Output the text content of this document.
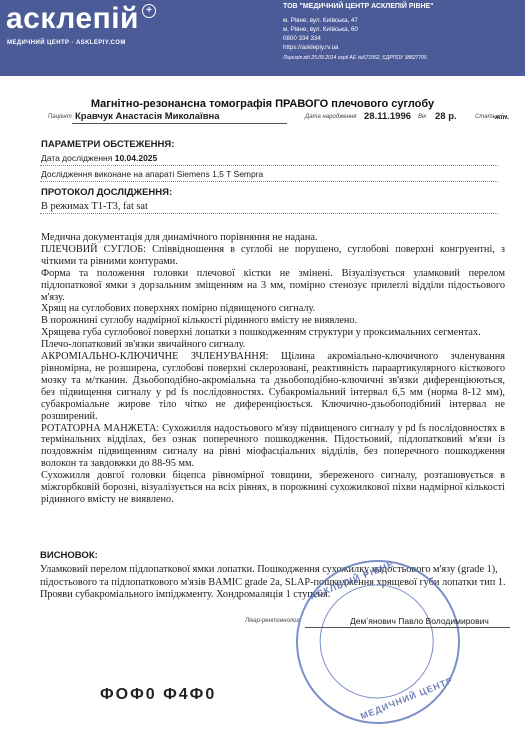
асклепій +
МЕДИЧНИЙ ЦЕНТР · ASKLEPIY.COM
ТОВ "МЕДИЧНИЙ ЦЕНТР АСКЛЕПІЙ РІВНЕ"
м. Рівне, вул. Київська, 47
м. Рівне, вул. Київська, 60
0800 334 334
https://asklepiy.rv.ua
Ліцензія від 25.09.2014 серії АЕ №571062, ЄДРПОУ 38827705
Магнітно-резонансна томографія ПРАВОГО плечового суглобу
Пацієнт Кравчук Анастасія Миколаївна	Дата народження 28.11.1996 Вік 28 р.	Стать жін.
ПАРАМЕТРИ ОБСТЕЖЕННЯ:
Дата дослідження 10.04.2025
Дослідження виконане на апараті Siemens 1,5 T Sempra
ПРОТОКОЛ ДОСЛІДЖЕННЯ:
В режимах T1-T3, fat sat

Медична документація для динамічного порівняння не надана.

ПЛЕЧОВИЙ СУГЛОБ: Співвідношення в суглобі не порушено, суглобові поверхні конгруентні, з чіткими та рівними контурами.

Форма та положення головки плечової кістки не змінені. Візуалізується уламковий перелом підлопаткової ямки з дорзальним зміщенням на 3 мм, помірно стенозує прилеглі відділи підостьового м'язу.

Хрящ на суглобових поверхнях помірно підвищеного сигналу.

В порожнині суглобу надмірної кількості рідинного вмісту не виявлено.

Хрящева губа суглобової поверхні лопатки з пошкодженням структури у проксимальних сегментах.

Плечо-лопатковий зв'язки звичайного сигналу.

АКРОМІАЛЬНО-КЛЮЧИЧНЕ ЗЧЛЕНУВАННЯ: Щілина акроміально-ключичного зчленування рівномірна, не розширена, суглобові поверхні склерозовані, реактивність параартикулярного кісткового мозку та м/тканин. Дзьобоподібно-акроміальна та дзьобоподібно-ключичні зв'язки диференціюються, без підвищення сигналу у pd fs послідовностях. Субакроміальний інтервал 6,5 мм (норма 8-12 мм), субакроміальне жирове тіло чітко не диференціюється. Ключично-дзьобоподібний інтервал не розширений.

РОТАТОРНА МАНЖЕТА: Сухожилля надостьового м'язу підвищеного сигналу у pd fs послідовностях в термінальних відділах, без ознак поперечного пошкодження. Підостьовий, підлопатковий м'язи із поздовжнім підвищенням сигналу на рівні міофасціальних відділів, без поперечного пошкодження волокон та завдовжки до 88-95 мм.

Сухожилля довгої головки біцепса рівномірної товщини, збереженого сигналу, розташовується в міжгорбковій борозні, візуалізується на всіх рівнях, в порожнині сухожилкової піхви надмірної кількості рідинного вмісту не виявлено.

ВИСНОВОК:
Уламковий перелом підлопаткової ямки лопатки. Пошкодження сухожилку надостьового м'язу (grade 1), підостьового та підлопаткового м'язів BAMIC grade 2а, SLAP-пошкодження хрящевої губи лопатки тип 1. Прояви субакроміального імпіджменту. Хондромаляція 1 ступеня.
АСКЛЕПІЙ РІВНЕ
МЕДИЧНИЙ ЦЕНТР
Лікар-рентгенолог	Демʼянович Павло Володимирович
ФОФ0 Ф4Ф0
